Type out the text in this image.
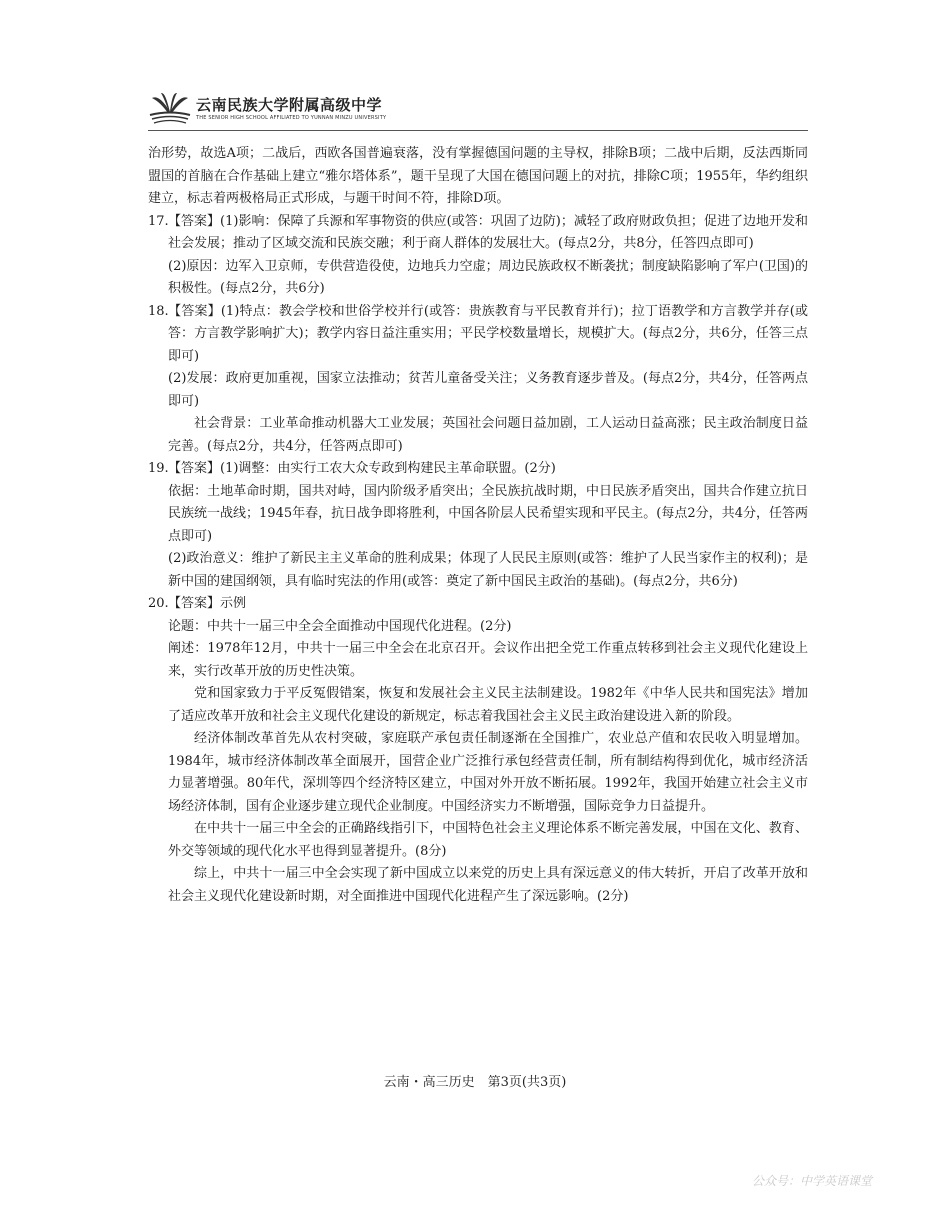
云南民族大学附属高级中学
THE SENIOR HIGH SCHOOL AFFILIATED TO YUNNAN MINZU UNIVERSITY

治形势，故选A项；二战后，西欧各国普遍衰落，没有掌握德国问题的主导权，排除B项；二战中后期，反法西斯同盟国的首脑在合作基础上建立“雅尔塔体系”，题干呈现了大国在德国问题上的对抗，排除C项；1955年，华约组织建立，标志着两极格局正式形成，与题干时间不符，排除D项。

17.【答案】(1)影响：保障了兵源和军事物资的供应(或答：巩固了边防)；减轻了政府财政负担；促进了边地开发和社会发展；推动了区域交流和民族交融；利于商人群体的发展壮大。(每点2分，共8分，任答四点即可)

(2)原因：边军入卫京师，专供营造役使，边地兵力空虚；周边民族政权不断袭扰；制度缺陷影响了军户(卫国)的积极性。(每点2分，共6分)

18.【答案】(1)特点：教会学校和世俗学校并行(或答：贵族教育与平民教育并行)；拉丁语教学和方言教学并存(或答：方言教学影响扩大)；教学内容日益注重实用；平民学校数量增长，规模扩大。(每点2分，共6分，任答三点即可)

(2)发展：政府更加重视，国家立法推动；贫苦儿童备受关注；义务教育逐步普及。(每点2分，共4分，任答两点即可)

社会背景：工业革命推动机器大工业发展；英国社会问题日益加剧，工人运动日益高涨；民主政治制度日益完善。(每点2分，共4分，任答两点即可)

19.【答案】(1)调整：由实行工农大众专政到构建民主革命联盟。(2分)

依据：土地革命时期，国共对峙，国内阶级矛盾突出；全民族抗战时期，中日民族矛盾突出，国共合作建立抗日民族统一战线；1945年春，抗日战争即将胜利，中国各阶层人民希望实现和平民主。(每点2分，共4分，任答两点即可)

(2)政治意义：维护了新民主主义革命的胜利成果；体现了人民民主原则(或答：维护了人民当家作主的权利)；是新中国的建国纲领，具有临时宪法的作用(或答：奠定了新中国民主政治的基础)。(每点2分，共6分)

20.【答案】示例

论题：中共十一届三中全会全面推动中国现代化进程。(2分)

阐述：1978年12月，中共十一届三中全会在北京召开。会议作出把全党工作重点转移到社会主义现代化建设上来，实行改革开放的历史性决策。

党和国家致力于平反冤假错案，恢复和发展社会主义民主法制建设。1982年《中华人民共和国宪法》增加了适应改革开放和社会主义现代化建设的新规定，标志着我国社会主义民主政治建设进入新的阶段。

经济体制改革首先从农村突破，家庭联产承包责任制逐渐在全国推广，农业总产值和农民收入明显增加。1984年，城市经济体制改革全面展开，国营企业广泛推行承包经营责任制，所有制结构得到优化，城市经济活力显著增强。80年代，深圳等四个经济特区建立，中国对外开放不断拓展。1992年，我国开始建立社会主义市场经济体制，国有企业逐步建立现代企业制度。中国经济实力不断增强，国际竞争力日益提升。

在中共十一届三中全会的正确路线指引下，中国特色社会主义理论体系不断完善发展，中国在文化、教育、外交等领域的现代化水平也得到显著提升。(8分)

综上，中共十一届三中全会实现了新中国成立以来党的历史上具有深远意义的伟大转折，开启了改革开放和社会主义现代化建设新时期，对全面推进中国现代化进程产生了深远影响。(2分)

云南・高三历史　第3页(共3页)
公众号：中学英语课堂
